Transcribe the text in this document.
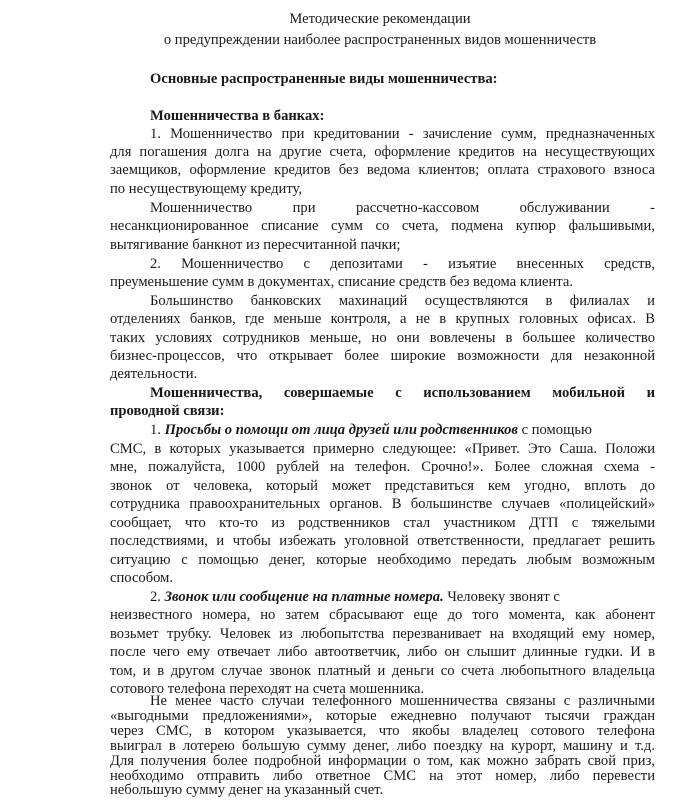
Методические рекомендации
о предупреждении наиболее распространенных видов мошенничеств
Основные распространенные виды мошенничества:
Мошенничества в банках:
1. Мошенничество при кредитовании - зачисление сумм, предназначенных
для погашения долга на другие счета, оформление кредитов на несуществующих
заемщиков, оформление кредитов без ведома клиентов; оплата страхового взноса
по несуществующему кредиту,
Мошенничество при рассчетно-кассовом обслуживании -
несанкционированное списание сумм со счета, подмена купюр фальшивыми,
вытягивание банкнот из пересчитанной пачки;
2. Мошенничество с депозитами - изъятие внесенных средств,
преуменьшение сумм в документах, списание средств без ведома клиента.
Большинство банковских махинаций осуществляются в филиалах и
отделениях банков, где меньше контроля, а не в крупных головных офисах. В
таких условиях сотрудников меньше, но они вовлечены в большее количество
бизнес-процессов, что открывает более широкие возможности для незаконной
деятельности.
Мошенничества, совершаемые с использованием мобильной и
проводной связи:
1. Просьбы о помощи от лица друзей или родственников с помощью
СМС, в которых указывается примерно следующее: «Привет. Это Саша. Положи
мне, пожалуйста, 1000 рублей на телефон. Срочно!». Более сложная схема -
звонок от человека, который может представиться кем угодно, вплоть до
сотрудника правоохранительных органов. В большинстве случаев «полицейский»
сообщает, что кто-то из родственников стал участником ДТП с тяжелыми
последствиями, и чтобы избежать уголовной ответственности, предлагает решить
ситуацию с помощью денег, которые необходимо передать любым возможным
способом.
2. Звонок или сообщение на платные номера. Человеку звонят с
неизвестного номера, но затем сбрасывают еще до того момента, как абонент
возьмет трубку. Человек из любопытства перезванивает на входящий ему номер,
после чего ему отвечает либо автоответчик, либо он слышит длинные гудки. И в
том, и в другом случае звонок платный и деньги со счета любопытного владельца
сотового телефона переходят на счета мошенника.
Не менее часто случаи телефонного мошенничества связаны с различными
«выгодными предложениями», которые ежедневно получают тысячи граждан
через СМС, в котором указывается, что якобы владелец сотового телефона
выиграл в лотерею большую сумму денег, либо поездку на курорт, машину и т.д.
Для получения более подробной информации о том, как можно забрать свой приз,
необходимо отправить либо ответное СМС на этот номер, либо перевести
небольшую сумму денег на указанный счет.
